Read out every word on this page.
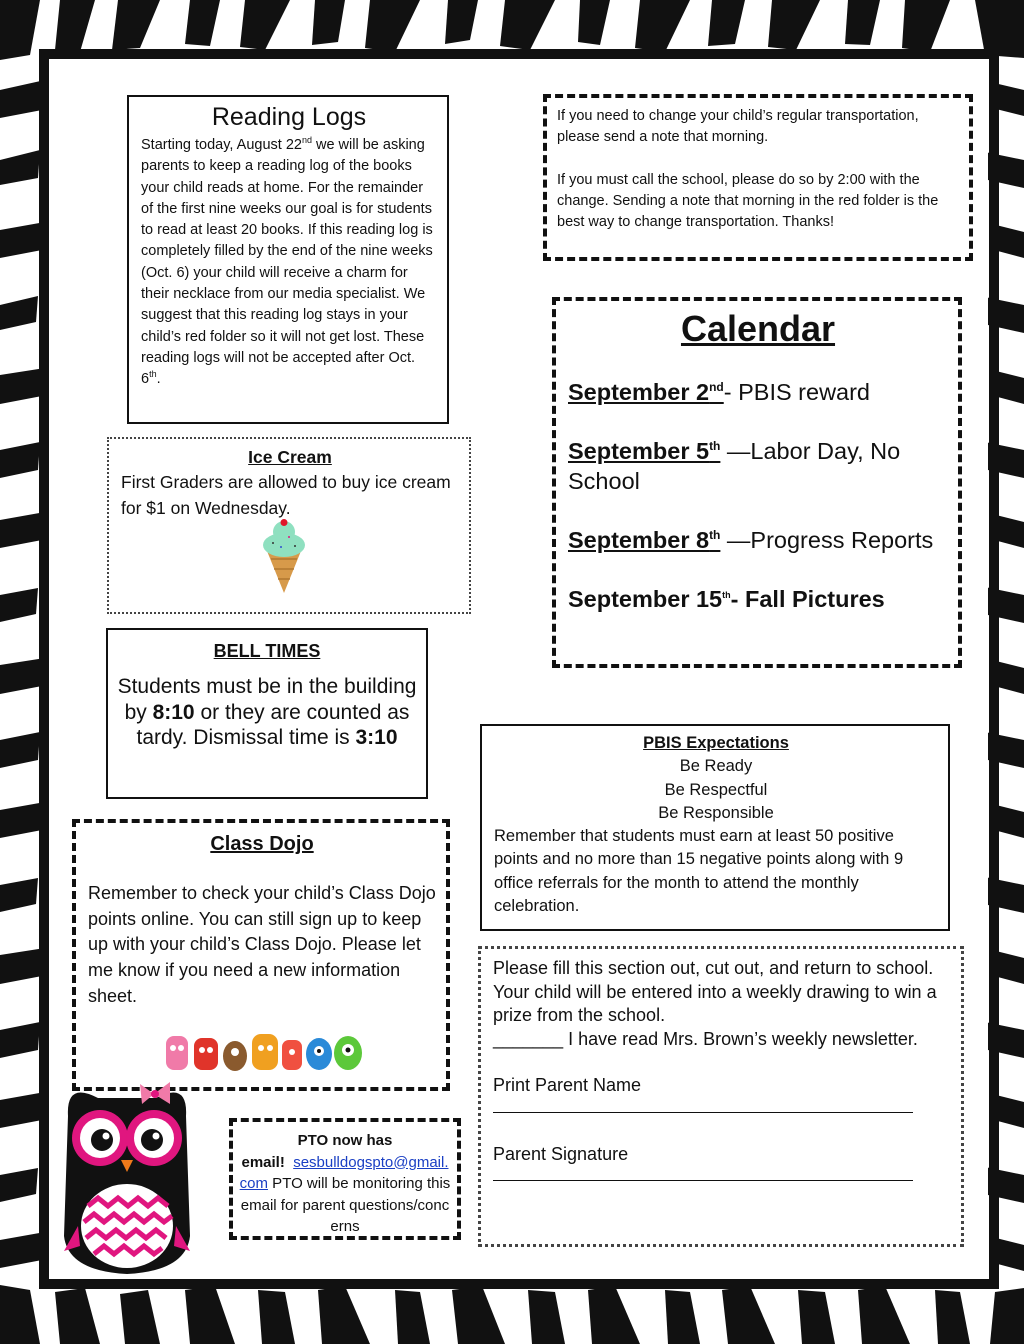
Reading Logs

Starting today, August 22nd we will be asking parents to keep a reading log of the books your child reads at home. For the remainder of the first nine weeks our goal is for students to read at least 20 books. If this reading log is completely filled by the end of the nine weeks (Oct. 6) your child will receive a charm for their necklace from our media specialist. We suggest that this reading log stays in your child’s red folder so it will not get lost. These reading logs will not be accepted after Oct. 6th.

If you need to change your child’s regular transportation, please send a note that morning.

If you must call the school, please do so by 2:00 with the change. Sending a note that morning in the red folder is the best way to change transportation. Thanks!

Ice Cream

First Graders are allowed to buy ice cream for $1 on Wednesday.

Calendar
September 2nd- PBIS reward
September 5th —Labor Day, No School
September 8th —Progress Reports
September 15th- Fall Pictures
BELL TIMES

Students must be in the building by 8:10 or they are counted as tardy. Dismissal time is 3:10	PBIS Expectations
Be Ready
Be Respectful
Be Responsible

Remember that students must earn at least 50 positive points and no more than 15 negative points along with 9 office referrals for the month to attend the monthly celebration.

Class Dojo

Remember to check your child’s Class Dojo points online. You can still sign up to keep up with your child’s Class Dojo. Please let me know if you need a new information sheet.

Please fill this section out, cut out, and return to school. Your child will be entered into a weekly drawing to win a prize from the school.

_______ I have read Mrs. Brown’s weekly newsletter.

Print Parent Name

Parent Signature

PTO now has
email! sesbulldogspto@gmail.com PTO will be monitoring this email for parent questions/concerns
